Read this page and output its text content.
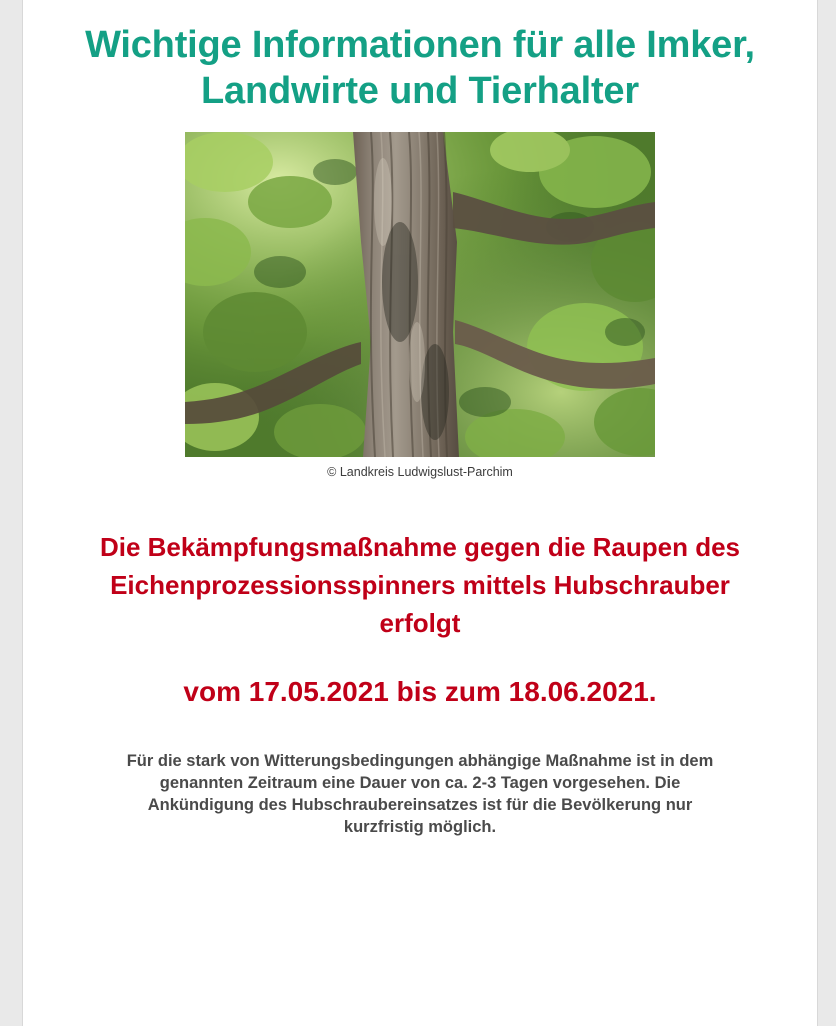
Wichtige Informationen für alle Imker, Landwirte und Tierhalter
© Landkreis Ludwigslust-Parchim
Die Bekämpfungsmaßnahme gegen die Raupen des Eichenprozessionsspinners mittels Hubschrauber erfolgt

vom 17.05.2021 bis zum 18.06.2021.

Für die stark von Witterungsbedingungen abhängige Maßnahme ist in dem genannten Zeitraum eine Dauer von ca. 2-3 Tagen vorgesehen. Die Ankündigung des Hubschraubereinsatzes ist für die Bevölkerung nur kurzfristig möglich.
